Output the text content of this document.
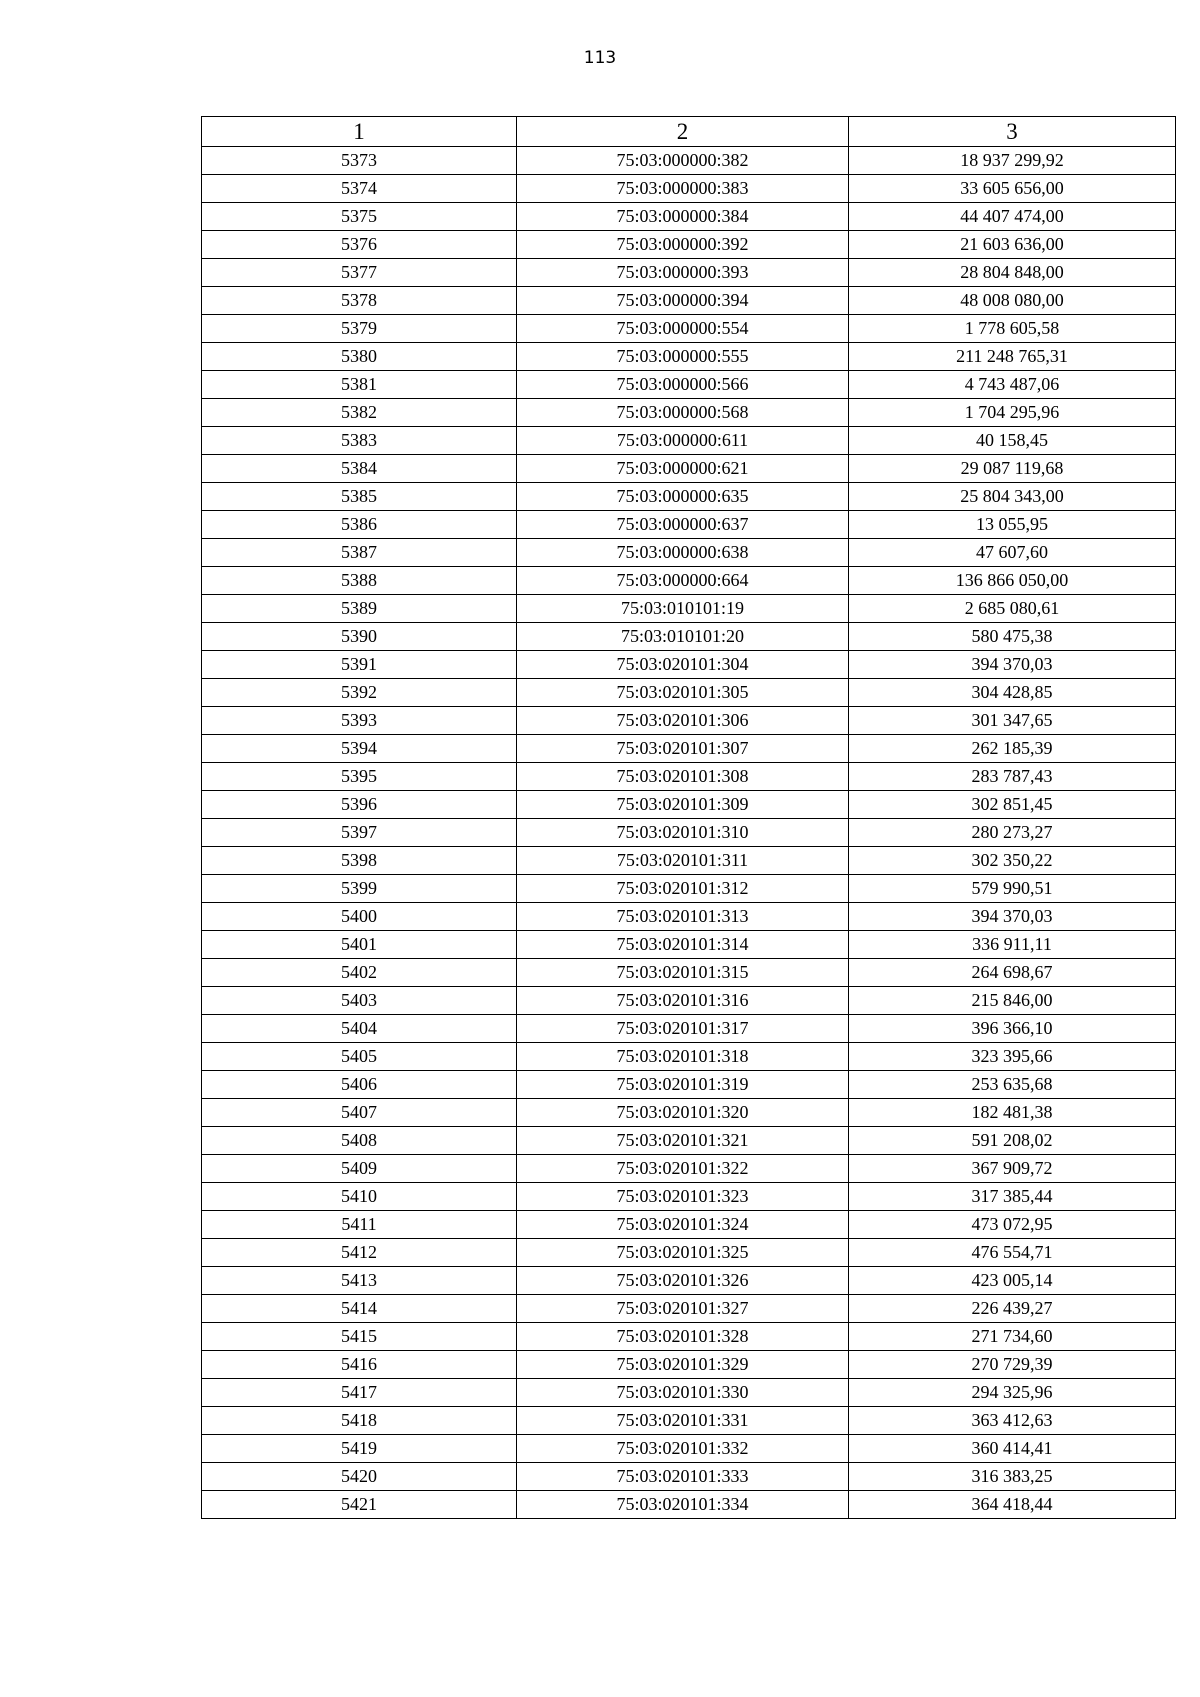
113
1	2	3
5373	75:03:000000:382	18 937 299,92
5374	75:03:000000:383	33 605 656,00
5375	75:03:000000:384	44 407 474,00
5376	75:03:000000:392	21 603 636,00
5377	75:03:000000:393	28 804 848,00
5378	75:03:000000:394	48 008 080,00
5379	75:03:000000:554	1 778 605,58
5380	75:03:000000:555	211 248 765,31
5381	75:03:000000:566	4 743 487,06
5382	75:03:000000:568	1 704 295,96
5383	75:03:000000:611	40 158,45
5384	75:03:000000:621	29 087 119,68
5385	75:03:000000:635	25 804 343,00
5386	75:03:000000:637	13 055,95
5387	75:03:000000:638	47 607,60
5388	75:03:000000:664	136 866 050,00
5389	75:03:010101:19	2 685 080,61
5390	75:03:010101:20	580 475,38
5391	75:03:020101:304	394 370,03
5392	75:03:020101:305	304 428,85
5393	75:03:020101:306	301 347,65
5394	75:03:020101:307	262 185,39
5395	75:03:020101:308	283 787,43
5396	75:03:020101:309	302 851,45
5397	75:03:020101:310	280 273,27
5398	75:03:020101:311	302 350,22
5399	75:03:020101:312	579 990,51
5400	75:03:020101:313	394 370,03
5401	75:03:020101:314	336 911,11
5402	75:03:020101:315	264 698,67
5403	75:03:020101:316	215 846,00
5404	75:03:020101:317	396 366,10
5405	75:03:020101:318	323 395,66
5406	75:03:020101:319	253 635,68
5407	75:03:020101:320	182 481,38
5408	75:03:020101:321	591 208,02
5409	75:03:020101:322	367 909,72
5410	75:03:020101:323	317 385,44
5411	75:03:020101:324	473 072,95
5412	75:03:020101:325	476 554,71
5413	75:03:020101:326	423 005,14
5414	75:03:020101:327	226 439,27
5415	75:03:020101:328	271 734,60
5416	75:03:020101:329	270 729,39
5417	75:03:020101:330	294 325,96
5418	75:03:020101:331	363 412,63
5419	75:03:020101:332	360 414,41
5420	75:03:020101:333	316 383,25
5421	75:03:020101:334	364 418,44
